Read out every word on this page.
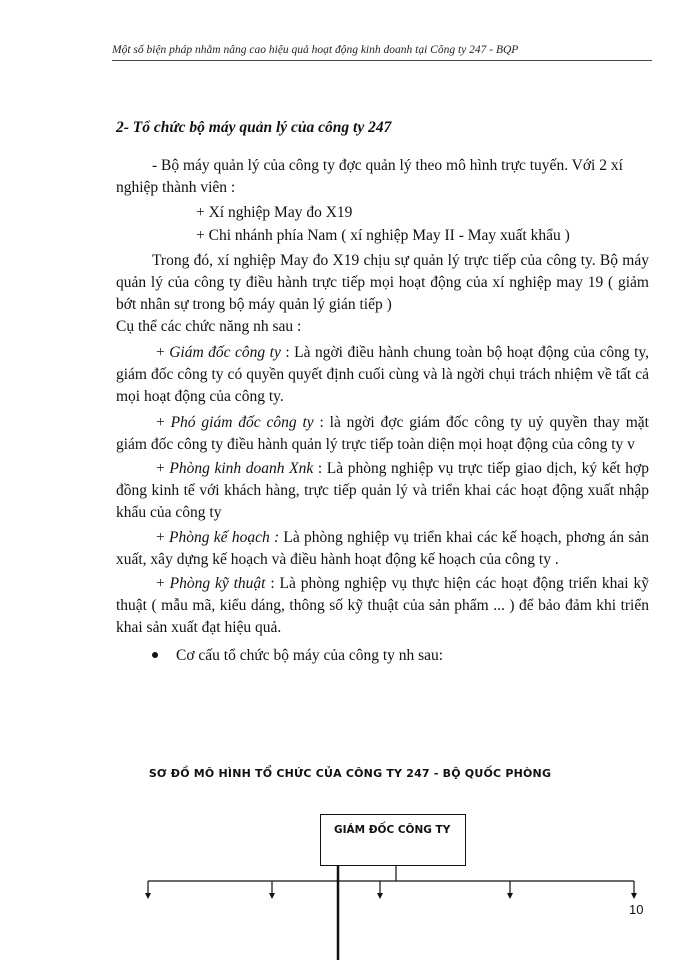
Một số biện pháp nhằm nâng cao hiệu quả hoạt động kinh doanh tại Công ty 247 - BQP
2- Tổ chức bộ máy quản lý của công ty 247
- Bộ máy quản lý của công ty đợc quản lý theo mô hình trực tuyến. Với 2 xí
nghiệp thành viên :
+ Xí nghiệp May đo X19
+ Chi nhánh phía Nam ( xí nghiệp May II - May xuất khẩu )
Trong đó, xí nghiệp May đo X19 chịu sự quản lý trực tiếp của công ty. Bộ máy quản lý của công ty điều hành trực tiếp mọi hoạt động của xí nghiệp may 19 ( giảm bớt nhân sự trong bộ máy quản lý gián tiếp )
Cụ thể các chức năng nh sau :
+ Giám đốc công ty : Là ngời điều hành chung toàn bộ hoạt động của công ty, giám đốc công ty có quyền quyết định cuối cùng và là ngời chụi trách nhiệm về tất cả mọi hoạt động của công ty.
+ Phó giám đốc công ty : là ngời đợc giám đốc công ty uỷ quyền thay mặt giám đốc công ty điều hành quản lý trực tiếp toàn diện mọi hoạt động của công ty v
+ Phòng kinh doanh Xnk : Là phòng nghiệp vụ trực tiếp giao dịch, ký kết hợp đồng kinh tế với khách hàng, trực tiếp quản lý và triển khai các hoạt động xuất nhập khẩu của công ty
+ Phòng kế hoạch : Là phòng nghiệp vụ triển khai các kế hoạch, phơng án sản xuất, xây dựng kế hoạch và điều hành hoạt động kế hoạch của công ty .
+ Phòng kỹ thuật : Là phòng nghiệp vụ thực hiện các hoạt động triển khai kỹ thuật ( mẫu mã, kiểu dáng, thông số kỹ thuật của sản phẩm ... ) để bảo đảm khi triển khai sản xuất đạt hiệu quả.
Cơ cấu tổ chức bộ máy của công ty nh sau:
SƠ ĐỒ MÔ HÌNH TỔ CHỨC CỦA CÔNG TY 247 - BỘ QUỐC PHÒNG
GIÁM ĐỐC CÔNG TY
10
